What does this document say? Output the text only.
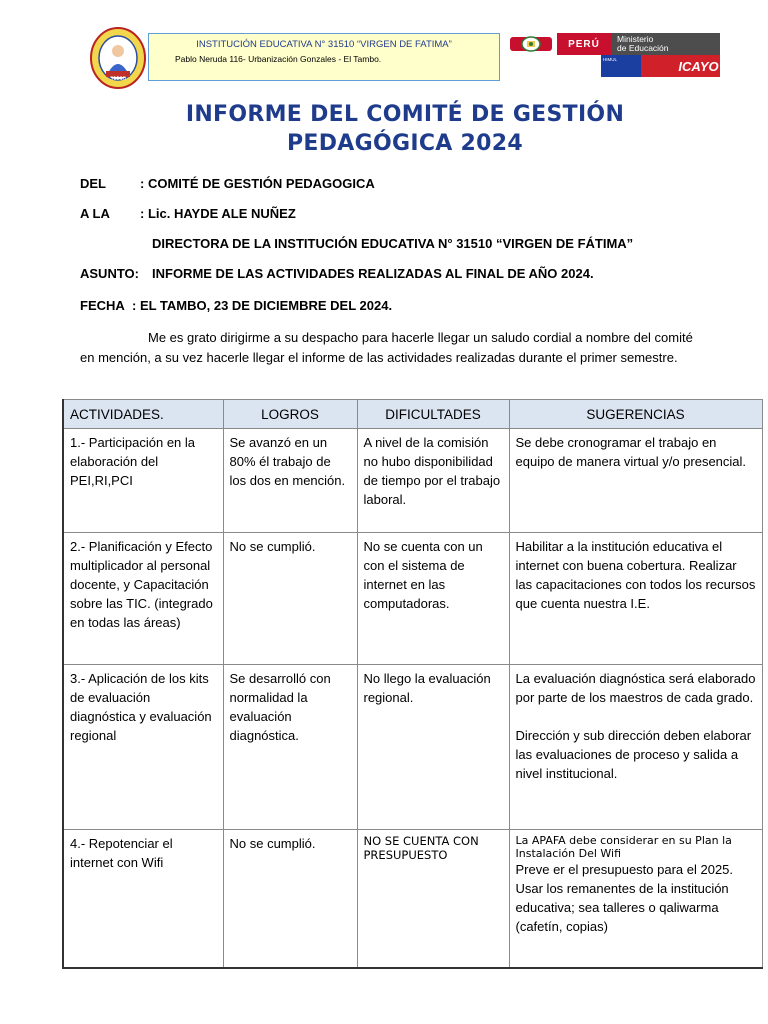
31510
INSTITUCIÓN EDUCATIVA N° 31510 “VIRGEN DE FATIMA”
Pablo Neruda 116- Urbanización Gonzales - El Tambo.
PERÚ	Ministerio
de Educación
HIMUL	ICAYO
INFORME DEL COMITÉ DE GESTIÓN
PEDAGÓGICA 2024
DEL	: COMITÉ DE GESTIÓN PEDAGOGICA
A LA : Lic. HAYDE ALE NUÑEZ
DIRECTORA DE LA INSTITUCIÓN EDUCATIVA N° 31510 “VIRGEN DE FÁTIMA”
ASUNTO: INFORME DE LAS ACTIVIDADES REALIZADAS AL FINAL DE AÑO 2024.
FECHA : EL TAMBO, 23 DE DICIEMBRE DEL 2024.
Me es grato dirigirme a su despacho para hacerle llegar un saludo cordial a nombre del comité en mención, a su vez hacerle llegar el informe de las actividades realizadas durante el primer semestre.
ACTIVIDADES.	LOGROS	DIFICULTADES	SUGERENCIAS
1.- Participación en la elaboración del PEI,RI,PCI	Se avanzó en un 80% él trabajo de los dos en mención.	A nivel de la comisión no hubo disponibilidad de tiempo por el trabajo laboral.	Se debe cronogramar el trabajo en equipo de manera virtual y/o presencial.
2.- Planificación y Efecto multiplicador al personal docente, y Capacitación sobre las TIC. (integrado en todas las áreas)	No se cumplió.	No se cuenta con un con el sistema de internet en las computadoras.	Habilitar a la institución educativa el internet con buena cobertura. Realizar las capacitaciones con todos los recursos que cuenta nuestra I.E.
3.- Aplicación de los kits de evaluación diagnóstica y evaluación regional	Se desarrolló con normalidad la evaluación diagnóstica.	No llego la evaluación regional.	La evaluación diagnóstica será elaborado por parte de los maestros de cada grado.
Dirección y sub dirección deben elaborar las evaluaciones de proceso y salida a nivel institucional.

4.- Repotenciar el internet con Wifi	No se cumplió.	NO SE CUENTA CON PRESUPUESTO	La APAFA debe considerar en su Plan la Instalación Del Wifi
Preve er el presupuesto para el 2025.
Usar los remanentes de la institución educativa; sea talleres o qaliwarma (cafetín, copias)
